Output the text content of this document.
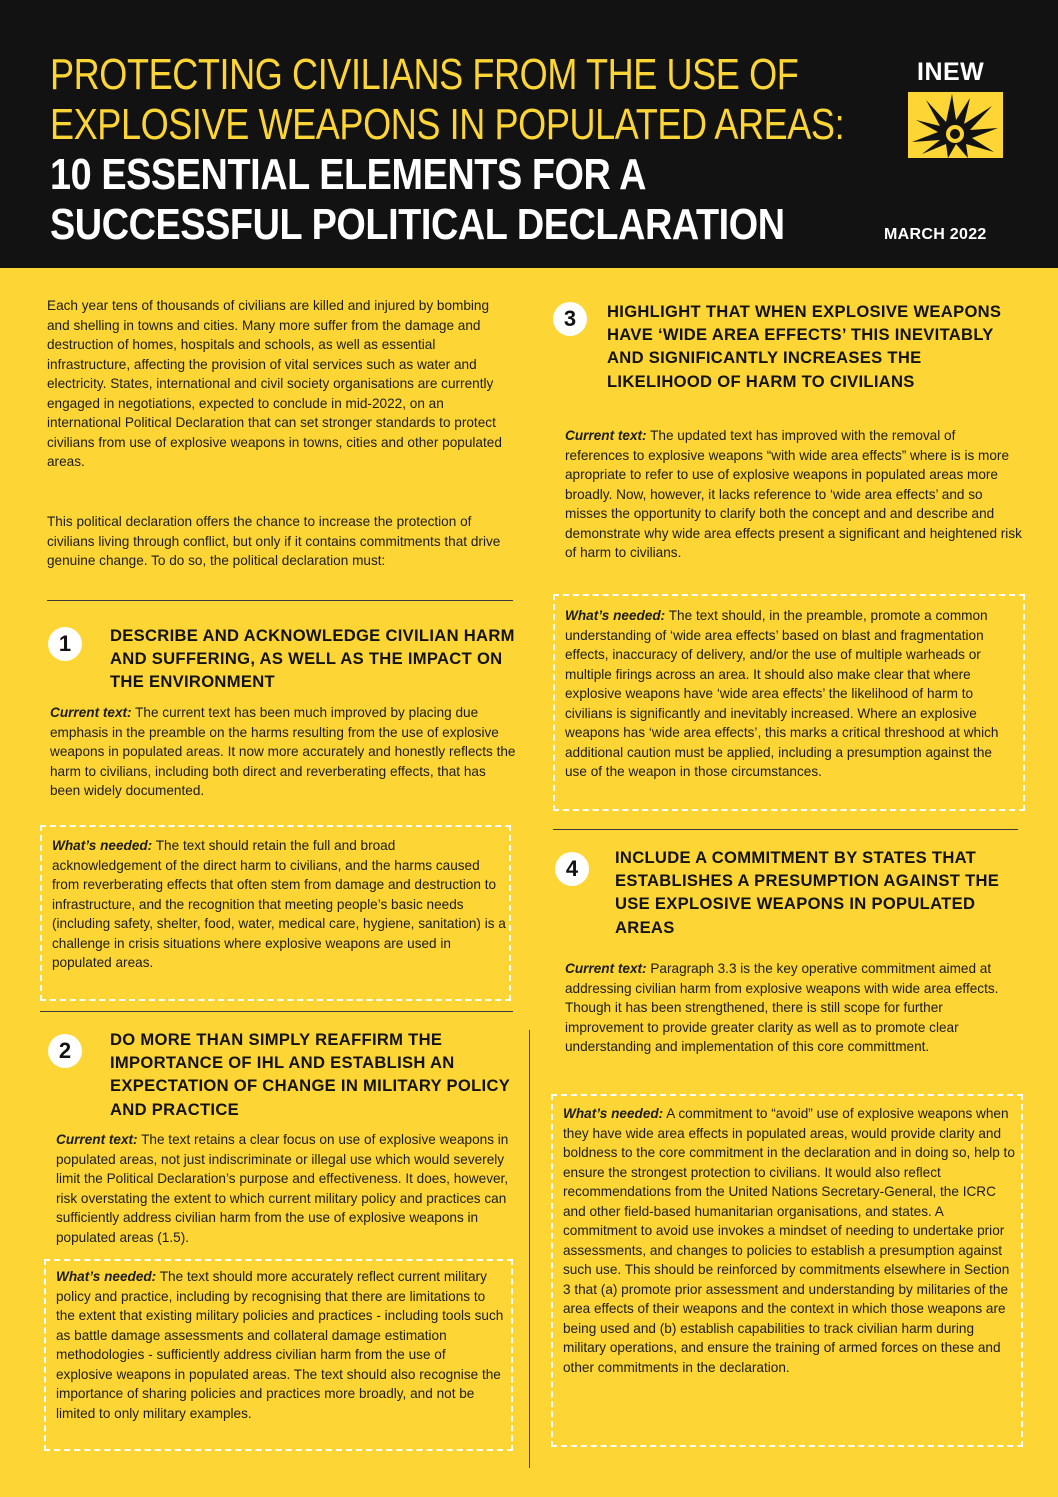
PROTECTING CIVILIANS FROM THE USE OF
EXPLOSIVE WEAPONS IN POPULATED AREAS:
10 ESSENTIAL ELEMENTS FOR A
SUCCESSFUL POLITICAL DECLARATION
INEW
MARCH 2022
Each year tens of thousands of civilians are killed and injured by bombing and shelling in towns and cities. Many more suffer from the damage and destruction of homes, hospitals and schools, as well as essential infrastructure, affecting the provision of vital services such as water and electricity. States, international and civil society organisations are currently engaged in negotiations, expected to conclude in mid-2022, on an international Political Declaration that can set stronger standards to protect civilians from use of explosive weapons in towns, cities and other populated areas.
This political declaration offers the chance to increase the protection of civilians living through conflict, but only if it contains commitments that drive genuine change. To do so, the political declaration must:
1	DESCRIBE AND ACKNOWLEDGE CIVILIAN HARM AND SUFFERING, AS WELL AS THE IMPACT ON THE ENVIRONMENT
Current text: The current text has been much improved by placing due emphasis in the preamble on the harms resulting from the use of explosive weapons in populated areas. It now more accurately and honestly reflects the harm to civilians, including both direct and reverberating effects, that has been widely documented.
What’s needed: The text should retain the full and broad acknowledgement of the direct harm to civilians, and the harms caused from reverberating effects that often stem from damage and destruction to infrastructure, and the recognition that meeting people’s basic needs (including safety, shelter, food, water, medical care, hygiene, sanitation) is a challenge in crisis situations where explosive weapons are used in populated areas.
2	DO MORE THAN SIMPLY REAFFIRM THE IMPORTANCE OF IHL AND ESTABLISH AN EXPECTATION OF CHANGE IN MILITARY POLICY AND PRACTICE
Current text: The text retains a clear focus on use of explosive weapons in populated areas, not just indiscriminate or illegal use which would severely limit the Political Declaration’s purpose and effectiveness. It does, however, risk overstating the extent to which current military policy and practices can sufficiently address civilian harm from the use of explosive weapons in populated areas (1.5).
What’s needed: The text should more accurately reflect current military policy and practice, including by recognising that there are limitations to the extent that existing military policies and practices - including tools such as battle damage assessments and collateral damage estimation methodologies - sufficiently address civilian harm from the use of explosive weapons in populated areas. The text should also recognise the importance of sharing policies and practices more broadly, and not be limited to only military examples.
3	HIGHLIGHT THAT WHEN EXPLOSIVE WEAPONS HAVE ‘WIDE AREA EFFECTS’ THIS INEVITABLY AND SIGNIFICANTLY INCREASES THE LIKELIHOOD OF HARM TO CIVILIANS
Current text: The updated text has improved with the removal of references to explosive weapons “with wide area effects” where is is more apropriate to refer to use of explosive weapons in populated areas more broadly. Now, however, it lacks reference to ‘wide area effects’ and so misses the opportunity to clarify both the concept and and describe and demonstrate why wide area effects present a significant and heightened risk of harm to civilians.
What’s needed: The text should, in the preamble, promote a common understanding of ‘wide area effects’ based on blast and fragmentation effects, inaccuracy of delivery, and/or the use of multiple warheads or multiple firings across an area. It should also make clear that where explosive weapons have ‘wide area effects’ the likelihood of harm to civilians is significantly and inevitably increased. Where an explosive weapons has ‘wide area effects’, this marks a critical threshood at which additional caution must be applied, including a presumption against the use of the weapon in those circumstances.
4	INCLUDE A COMMITMENT BY STATES THAT ESTABLISHES A PRESUMPTION AGAINST THE USE EXPLOSIVE WEAPONS IN POPULATED AREAS
Current text: Paragraph 3.3 is the key operative commitment aimed at addressing civilian harm from explosive weapons with wide area effects. Though it has been strengthened, there is still scope for further improvement to provide greater clarity as well as to promote clear understanding and implementation of this core committment.
What’s needed: A commitment to “avoid” use of explosive weapons when they have wide area effects in populated areas, would provide clarity and boldness to the core commitment in the declaration and in doing so, help to ensure the strongest protection to civilians. It would also reflect recommendations from the United Nations Secretary-General, the ICRC and other field-based humanitarian organisations, and states. A commitment to avoid use invokes a mindset of needing to undertake prior assessments, and changes to policies to establish a presumption against such use. This should be reinforced by commitments elsewhere in Section 3 that (a) promote prior assessment and understanding by militaries of the area effects of their weapons and the context in which those weapons are being used and (b) establish capabilities to track civilian harm during military operations, and ensure the training of armed forces on these and other commitments in the declaration.
